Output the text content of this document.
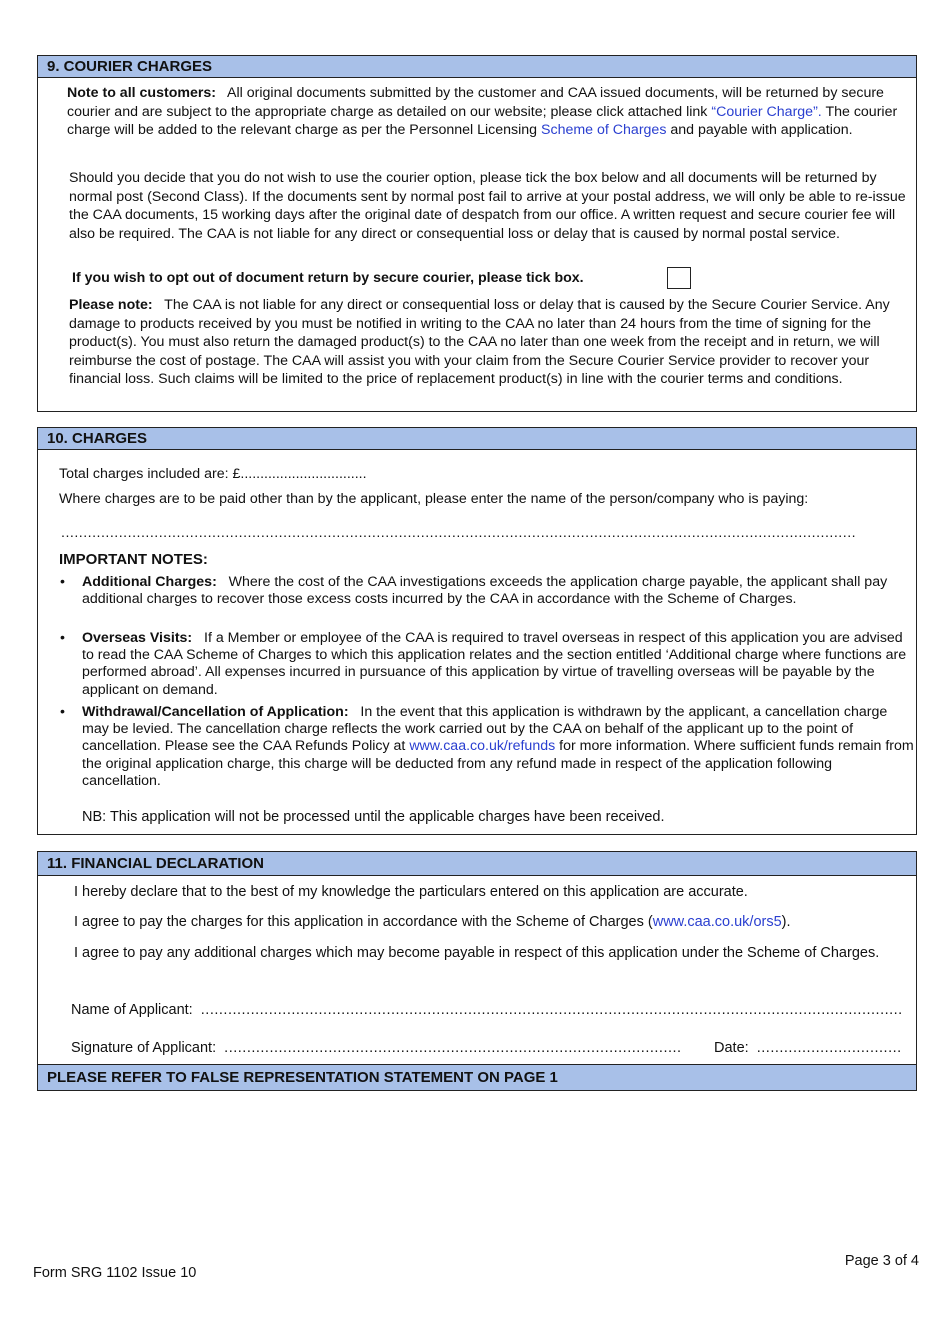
9. COURIER CHARGES

Note to all customers: All original documents submitted by the customer and CAA issued documents, will be returned by secure courier and are subject to the appropriate charge as detailed on our website; please click attached link “Courier Charge”. The courier charge will be added to the relevant charge as per the Personnel Licensing Scheme of Charges and payable with application.

Should you decide that you do not wish to use the courier option, please tick the box below and all documents will be returned by normal post (Second Class). If the documents sent by normal post fail to arrive at your postal address, we will only be able to re-issue the CAA documents, 15 working days after the original date of despatch from our office. A written request and secure courier fee will also be required. The CAA is not liable for any direct or consequential loss or delay that is caused by normal postal service.

If you wish to opt out of document return by secure courier, please tick box.

Please note: The CAA is not liable for any direct or consequential loss or delay that is caused by the Secure Courier Service. Any damage to products received by you must be notified in writing to the CAA no later than 24 hours from the time of signing for the product(s). You must also return the damaged product(s) to the CAA no later than one week from the receipt and in return, we will reimburse the cost of postage. The CAA will assist you with your claim from the Secure Courier Service provider to recover your financial loss. Such claims will be limited to the price of replacement product(s) in line with the courier terms and conditions.

10. CHARGES

Total charges included are: £................................

Where charges are to be paid other than by the applicant, please enter the name of the person/company who is paying:

...................................................................................................................................................................................

IMPORTANT NOTES:

• Additional Charges: Where the cost of the CAA investigations exceeds the application charge payable, the applicant shall pay additional charges to recover those excess costs incurred by the CAA in accordance with the Scheme of Charges.

• Overseas Visits: If a Member or employee of the CAA is required to travel overseas in respect of this application you are advised to read the CAA Scheme of Charges to which this application relates and the section entitled ‘Additional charge where functions are performed abroad’. All expenses incurred in pursuance of this application by virtue of travelling overseas will be payable by the applicant on demand.

• Withdrawal/Cancellation of Application: In the event that this application is withdrawn by the applicant, a cancellation charge may be levied. The cancellation charge reflects the work carried out by the CAA on behalf of the applicant up to the point of cancellation. Please see the CAA Refunds Policy at www.caa.co.uk/refunds for more information. Where sufficient funds remain from the original application charge, this charge will be deducted from any refund made in respect of the application following cancellation.

NB: This application will not be processed until the applicable charges have been received.

11. FINANCIAL DECLARATION

I hereby declare that to the best of my knowledge the particulars entered on this application are accurate.

I agree to pay the charges for this application in accordance with the Scheme of Charges (www.caa.co.uk/ors5).

I agree to pay any additional charges which may become payable in respect of this application under the Scheme of Charges.

Name of Applicant: ...........................................................................................................................................................

Signature of Applicant: .....................................................................................................	Date: ................................

PLEASE REFER TO FALSE REPRESENTATION STATEMENT ON PAGE 1
Form SRG 1102 Issue 10
Page 3 of 4
